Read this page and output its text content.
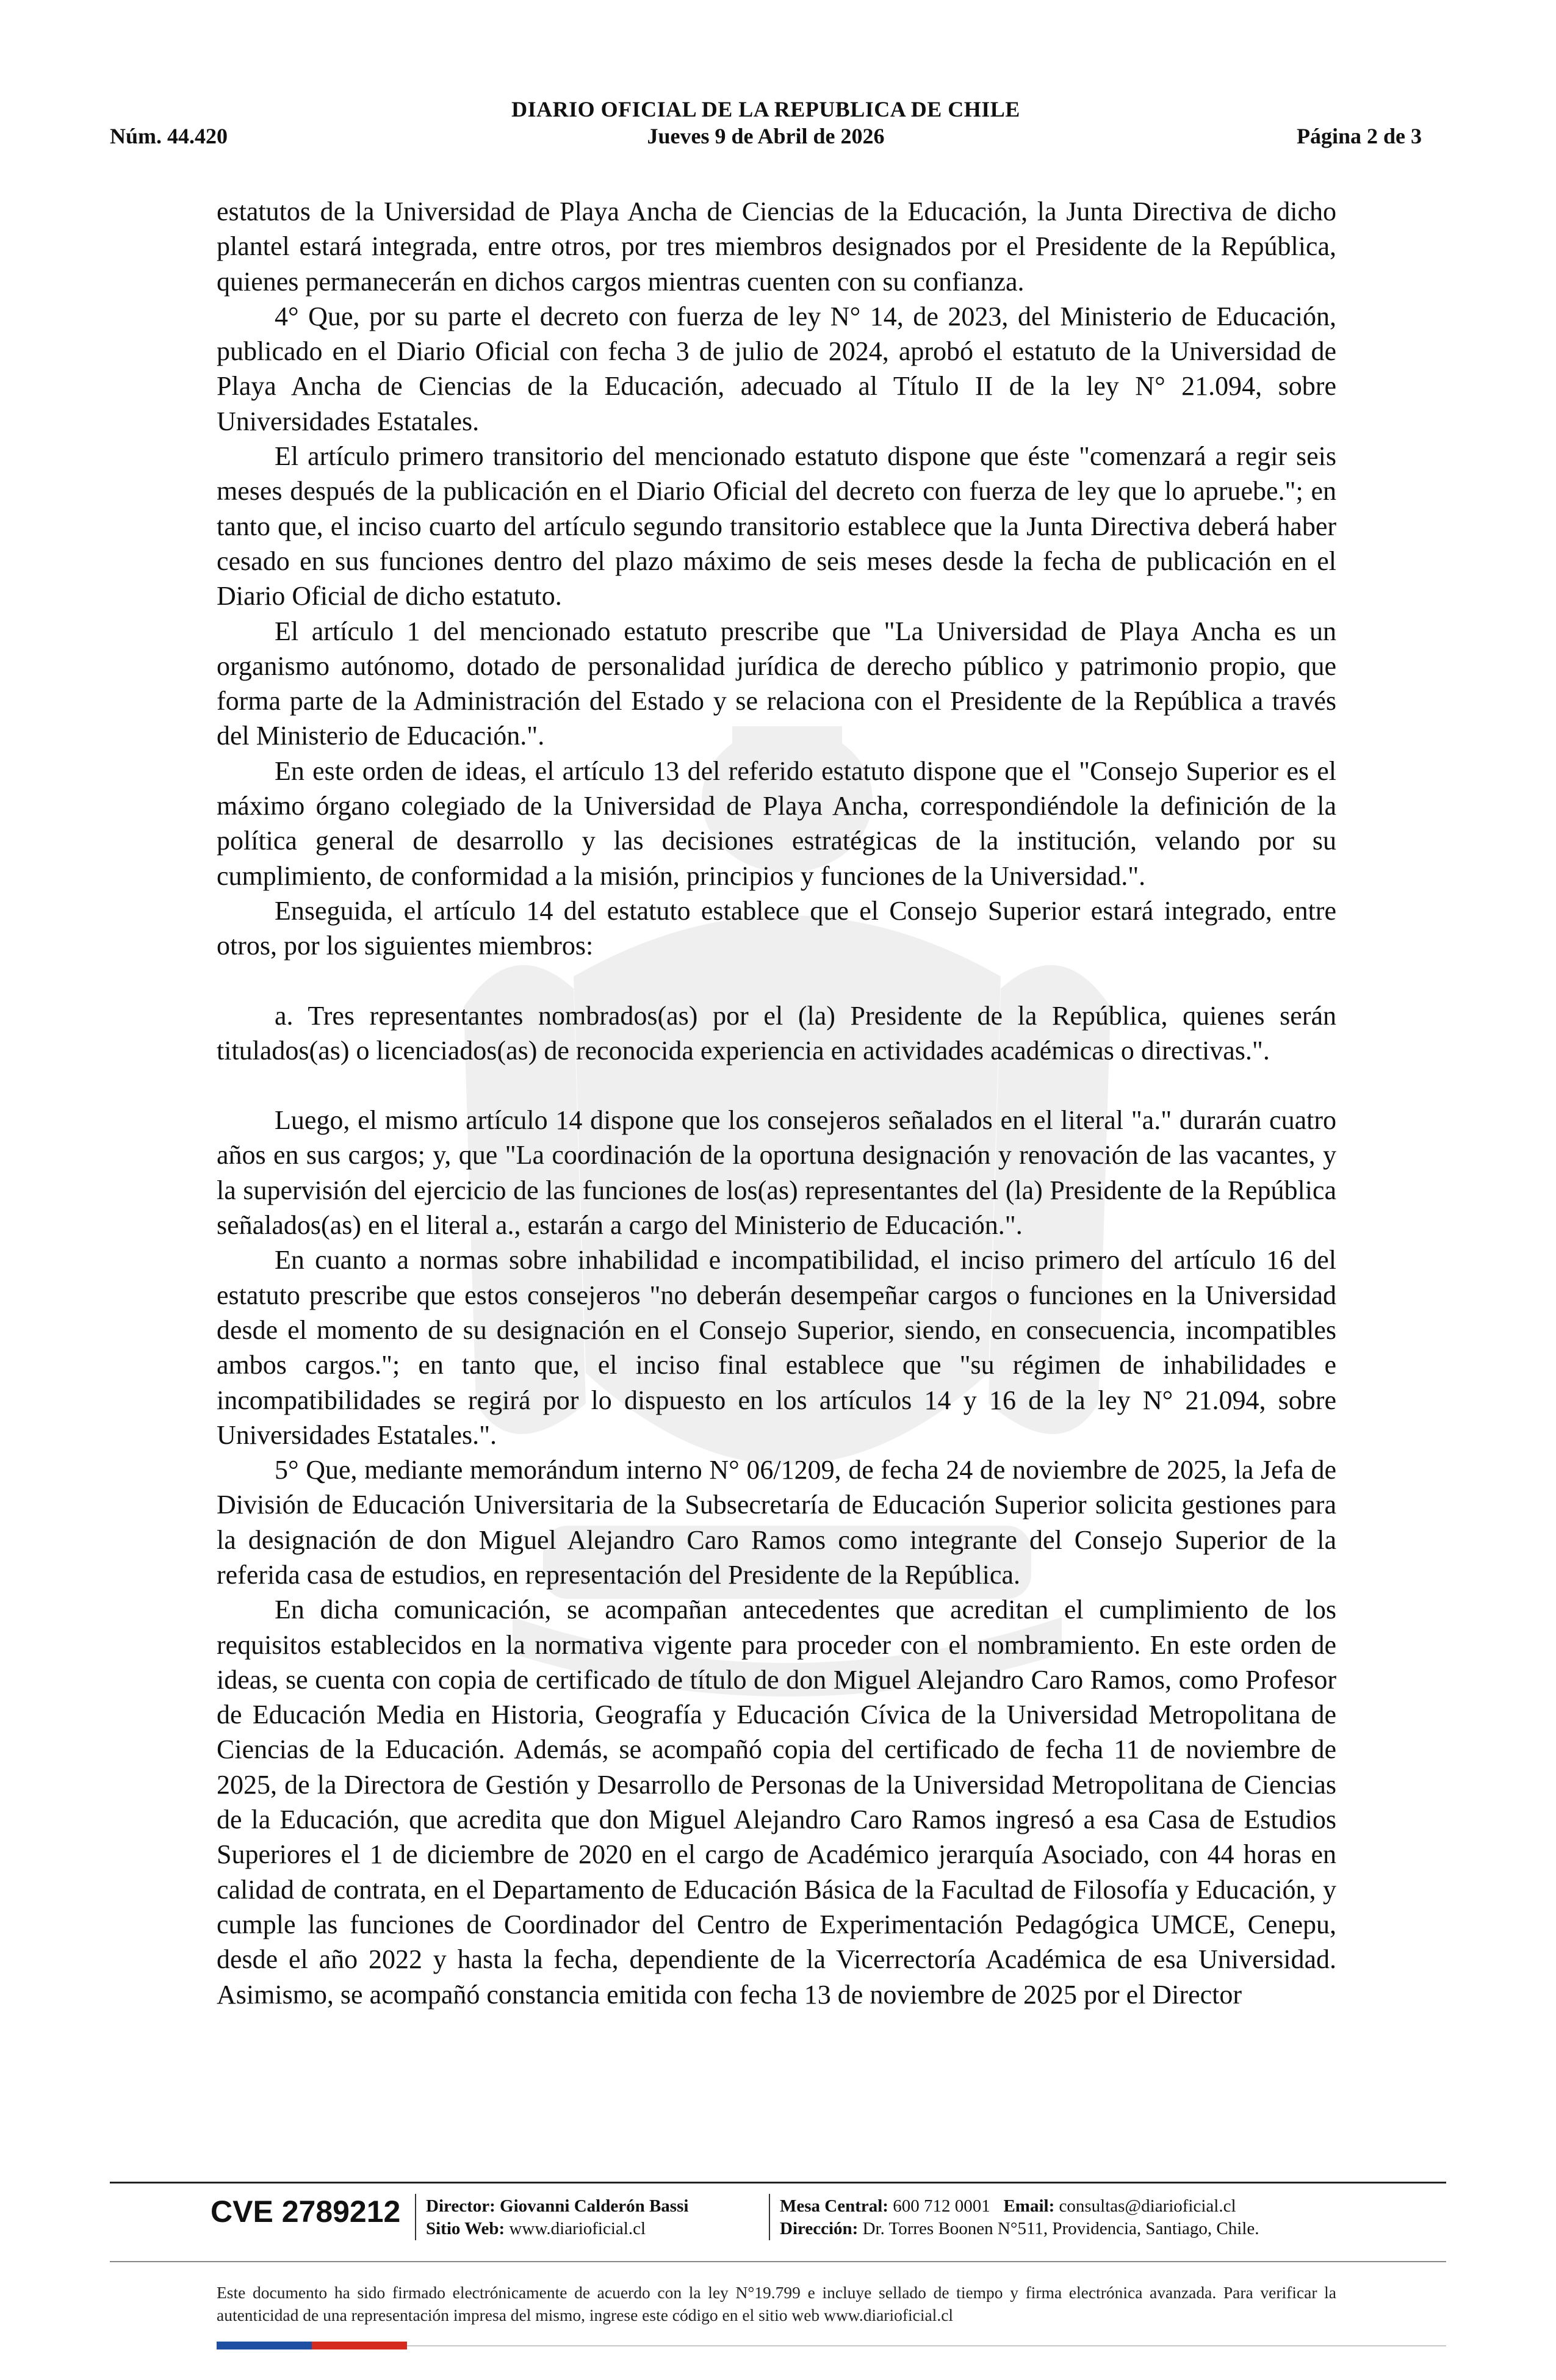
DIARIO OFICIAL DE LA REPUBLICA DE CHILE
Núm. 44.420	Jueves 9 de Abril de 2026	Página 2 de 3

estatutos de la Universidad de Playa Ancha de Ciencias de la Educación, la Junta Directiva de dicho plantel estará integrada, entre otros, por tres miembros designados por el Presidente de la República, quienes permanecerán en dichos cargos mientras cuenten con su confianza.

4° Que, por su parte el decreto con fuerza de ley N° 14, de 2023, del Ministerio de Educación, publicado en el Diario Oficial con fecha 3 de julio de 2024, aprobó el estatuto de la Universidad de Playa Ancha de Ciencias de la Educación, adecuado al Título II de la ley N° 21.094, sobre Universidades Estatales.

El artículo primero transitorio del mencionado estatuto dispone que éste "comenzará a regir seis meses después de la publicación en el Diario Oficial del decreto con fuerza de ley que lo apruebe."; en tanto que, el inciso cuarto del artículo segundo transitorio establece que la Junta Directiva deberá haber cesado en sus funciones dentro del plazo máximo de seis meses desde la fecha de publicación en el Diario Oficial de dicho estatuto.

El artículo 1 del mencionado estatuto prescribe que "La Universidad de Playa Ancha es un organismo autónomo, dotado de personalidad jurídica de derecho público y patrimonio propio, que forma parte de la Administración del Estado y se relaciona con el Presidente de la República a través del Ministerio de Educación.".

En este orden de ideas, el artículo 13 del referido estatuto dispone que el "Consejo Superior es el máximo órgano colegiado de la Universidad de Playa Ancha, correspondiéndole la definición de la política general de desarrollo y las decisiones estratégicas de la institución, velando por su cumplimiento, de conformidad a la misión, principios y funciones de la Universidad.".

Enseguida, el artículo 14 del estatuto establece que el Consejo Superior estará integrado, entre otros, por los siguientes miembros:

a. Tres representantes nombrados(as) por el (la) Presidente de la República, quienes serán titulados(as) o licenciados(as) de reconocida experiencia en actividades académicas o directivas.".

Luego, el mismo artículo 14 dispone que los consejeros señalados en el literal "a." durarán cuatro años en sus cargos; y, que "La coordinación de la oportuna designación y renovación de las vacantes, y la supervisión del ejercicio de las funciones de los(as) representantes del (la) Presidente de la República señalados(as) en el literal a., estarán a cargo del Ministerio de Educación.".

En cuanto a normas sobre inhabilidad e incompatibilidad, el inciso primero del artículo 16 del estatuto prescribe que estos consejeros "no deberán desempeñar cargos o funciones en la Universidad desde el momento de su designación en el Consejo Superior, siendo, en consecuencia, incompatibles ambos cargos."; en tanto que, el inciso final establece que "su régimen de inhabilidades e incompatibilidades se regirá por lo dispuesto en los artículos 14 y 16 de la ley N° 21.094, sobre Universidades Estatales.".

5° Que, mediante memorándum interno N° 06/1209, de fecha 24 de noviembre de 2025, la Jefa de División de Educación Universitaria de la Subsecretaría de Educación Superior solicita gestiones para la designación de don Miguel Alejandro Caro Ramos como integrante del Consejo Superior de la referida casa de estudios, en representación del Presidente de la República.

En dicha comunicación, se acompañan antecedentes que acreditan el cumplimiento de los requisitos establecidos en la normativa vigente para proceder con el nombramiento. En este orden de ideas, se cuenta con copia de certificado de título de don Miguel Alejandro Caro Ramos, como Profesor de Educación Media en Historia, Geografía y Educación Cívica de la Universidad Metropolitana de Ciencias de la Educación. Además, se acompañó copia del certificado de fecha 11 de noviembre de 2025, de la Directora de Gestión y Desarrollo de Personas de la Universidad Metropolitana de Ciencias de la Educación, que acredita que don Miguel Alejandro Caro Ramos ingresó a esa Casa de Estudios Superiores el 1 de diciembre de 2020 en el cargo de Académico jerarquía Asociado, con 44 horas en calidad de contrata, en el Departamento de Educación Básica de la Facultad de Filosofía y Educación, y cumple las funciones de Coordinador del Centro de Experimentación Pedagógica UMCE, Cenepu, desde el año 2022 y hasta la fecha, dependiente de la Vicerrectoría Académica de esa Universidad. Asimismo, se acompañó constancia emitida con fecha 13 de noviembre de 2025 por el Director

CVE 2789212 Director: Giovanni Calderón Bassi
Sitio Web: www.diarioficial.cl
Mesa Central: 600 712 0001 Email: consultas@diarioficial.cl
Dirección: Dr. Torres Boonen N°511, Providencia, Santiago, Chile.
Este documento ha sido firmado electrónicamente de acuerdo con la ley N°19.799 e incluye sellado de tiempo y firma electrónica avanzada. Para verificar la autenticidad de una representación impresa del mismo, ingrese este código en el sitio web www.diarioficial.cl
